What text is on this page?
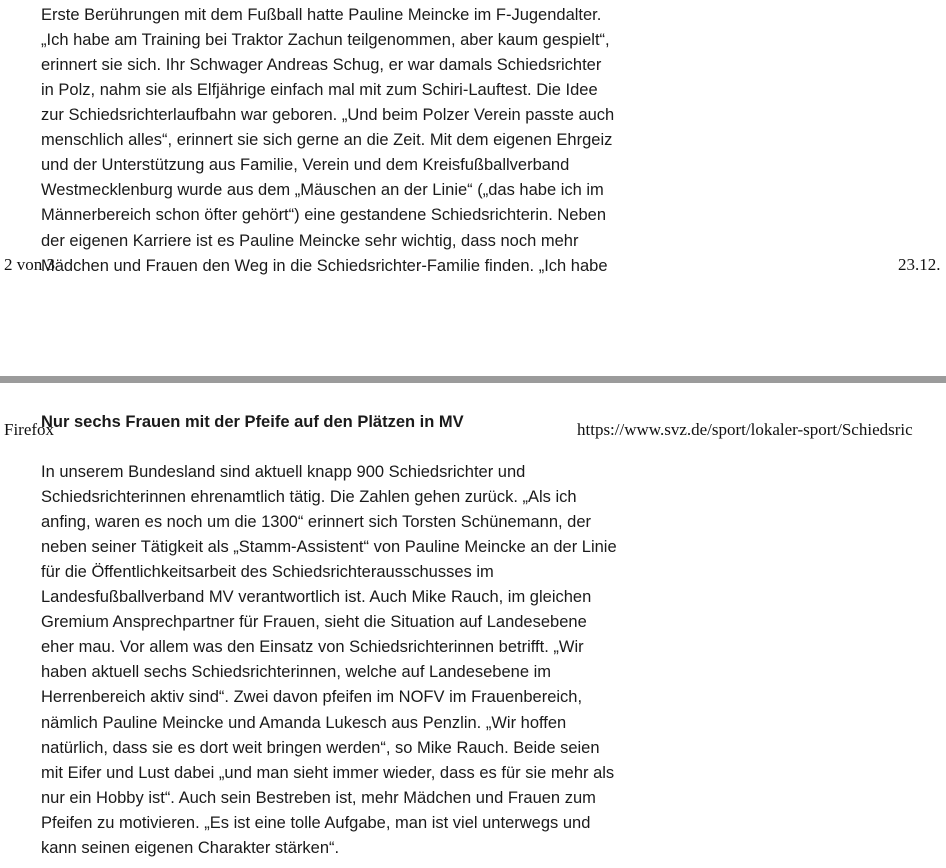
Erste Berührungen mit dem Fußball hatte Pauline Meincke im F-Jugendalter.
„Ich habe am Training bei Traktor Zachun teilgenommen, aber kaum gespielt“,
erinnert sie sich. Ihr Schwager Andreas Schug, er war damals Schiedsrichter
in Polz, nahm sie als Elfjährige einfach mal mit zum Schiri-Lauftest. Die Idee
zur Schiedsrichterlaufbahn war geboren. „Und beim Polzer Verein passte auch
menschlich alles“, erinnert sie sich gerne an die Zeit. Mit dem eigenen Ehrgeiz
und der Unterstützung aus Familie, Verein und dem Kreisfußballverband
Westmecklenburg wurde aus dem „Mäuschen an der Linie“ („das habe ich im
Männerbereich schon öfter gehört“) eine gestandene Schiedsrichterin. Neben
der eigenen Karriere ist es Pauline Meincke sehr wichtig, dass noch mehr
Mädchen und Frauen den Weg in die Schiedsrichter-Familie finden. „Ich habe
2 von 3	23.12.
Firefox	https://www.svz.de/sport/lokaler-sport/Schiedsric
Nur sechs Frauen mit der Pfeife auf den Plätzen in MV
In unserem Bundesland sind aktuell knapp 900 Schiedsrichter und
Schiedsrichterinnen ehrenamtlich tätig. Die Zahlen gehen zurück. „Als ich
anfing, waren es noch um die 1300“ erinnert sich Torsten Schünemann, der
neben seiner Tätigkeit als „Stamm-Assistent“ von Pauline Meincke an der Linie
für die Öffentlichkeitsarbeit des Schiedsrichterausschusses im
Landesfußballverband MV verantwortlich ist. Auch Mike Rauch, im gleichen
Gremium Ansprechpartner für Frauen, sieht die Situation auf Landesebene
eher mau. Vor allem was den Einsatz von Schiedsrichterinnen betrifft. „Wir
haben aktuell sechs Schiedsrichterinnen, welche auf Landesebene im
Herrenbereich aktiv sind“. Zwei davon pfeifen im NOFV im Frauenbereich,
nämlich Pauline Meincke und Amanda Lukesch aus Penzlin. „Wir hoffen
natürlich, dass sie es dort weit bringen werden“, so Mike Rauch. Beide seien
mit Eifer und Lust dabei „und man sieht immer wieder, dass es für sie mehr als
nur ein Hobby ist“. Auch sein Bestreben ist, mehr Mädchen und Frauen zum
Pfeifen zu motivieren. „Es ist eine tolle Aufgabe, man ist viel unterwegs und
kann seinen eigenen Charakter stärken“.
